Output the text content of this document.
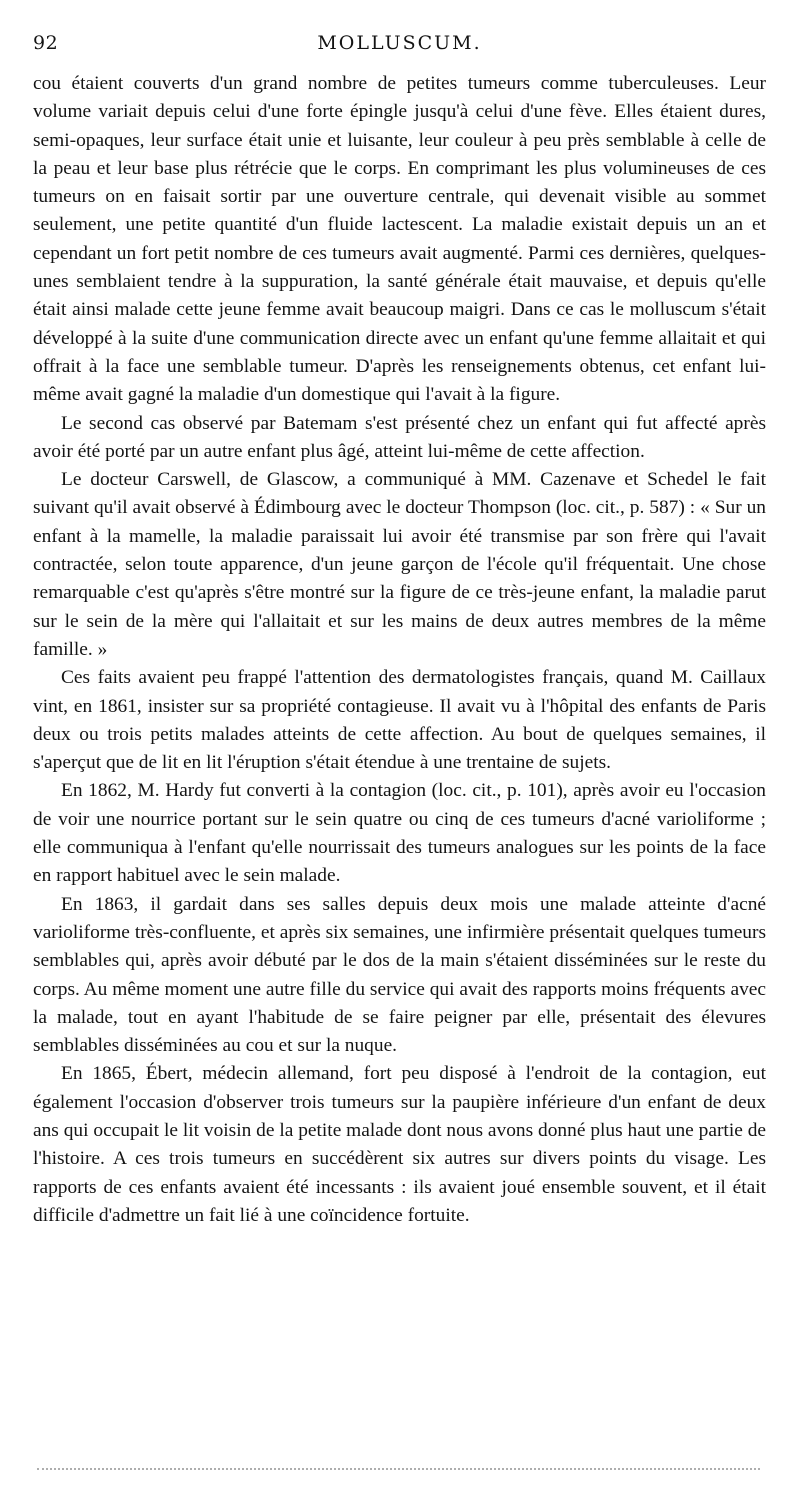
92	MOLLUSCUM.

cou étaient couverts d'un grand nombre de petites tumeurs comme tuberculeuses. Leur volume variait depuis celui d'une forte épingle jusqu'à celui d'une fève. Elles étaient dures, semi-opaques, leur surface était unie et luisante, leur couleur à peu près semblable à celle de la peau et leur base plus rétrécie que le corps. En comprimant les plus volumineuses de ces tumeurs on en faisait sortir par une ouverture centrale, qui devenait visible au sommet seulement, une petite quantité d'un fluide lactescent. La maladie existait depuis un an et cependant un fort petit nombre de ces tumeurs avait augmenté. Parmi ces dernières, quelques-unes semblaient tendre à la suppuration, la santé générale était mauvaise, et depuis qu'elle était ainsi malade cette jeune femme avait beaucoup maigri. Dans ce cas le molluscum s'était développé à la suite d'une communication directe avec un enfant qu'une femme allaitait et qui offrait à la face une semblable tumeur. D'après les renseignements obtenus, cet enfant lui-même avait gagné la maladie d'un domestique qui l'avait à la figure.

Le second cas observé par Batemam s'est présenté chez un enfant qui fut affecté après avoir été porté par un autre enfant plus âgé, atteint lui-même de cette affection.

Le docteur Carswell, de Glascow, a communiqué à MM. Cazenave et Schedel le fait suivant qu'il avait observé à Édimbourg avec le docteur Thompson (loc. cit., p. 587) : « Sur un enfant à la mamelle, la maladie paraissait lui avoir été transmise par son frère qui l'avait contractée, selon toute apparence, d'un jeune garçon de l'école qu'il fréquentait. Une chose remarquable c'est qu'après s'être montré sur la figure de ce très-jeune enfant, la maladie parut sur le sein de la mère qui l'allaitait et sur les mains de deux autres membres de la même famille. »

Ces faits avaient peu frappé l'attention des dermatologistes français, quand M. Caillaux vint, en 1861, insister sur sa propriété contagieuse. Il avait vu à l'hôpital des enfants de Paris deux ou trois petits malades atteints de cette affection. Au bout de quelques semaines, il s'aperçut que de lit en lit l'éruption s'était étendue à une trentaine de sujets.

En 1862, M. Hardy fut converti à la contagion (loc. cit., p. 101), après avoir eu l'occasion de voir une nourrice portant sur le sein quatre ou cinq de ces tumeurs d'acné varioliforme ; elle communiqua à l'enfant qu'elle nourrissait des tumeurs analogues sur les points de la face en rapport habituel avec le sein malade.

En 1863, il gardait dans ses salles depuis deux mois une malade atteinte d'acné varioliforme très-confluente, et après six semaines, une infirmière présentait quelques tumeurs semblables qui, après avoir débuté par le dos de la main s'étaient disséminées sur le reste du corps. Au même moment une autre fille du service qui avait des rapports moins fréquents avec la malade, tout en ayant l'habitude de se faire peigner par elle, présentait des élevures semblables disséminées au cou et sur la nuque.

En 1865, Ébert, médecin allemand, fort peu disposé à l'endroit de la contagion, eut également l'occasion d'observer trois tumeurs sur la paupière inférieure d'un enfant de deux ans qui occupait le lit voisin de la petite malade dont nous avons donné plus haut une partie de l'histoire. A ces trois tumeurs en succédèrent six autres sur divers points du visage. Les rapports de ces enfants avaient été incessants : ils avaient joué ensemble souvent, et il était difficile d'admettre un fait lié à une coïncidence fortuite.
